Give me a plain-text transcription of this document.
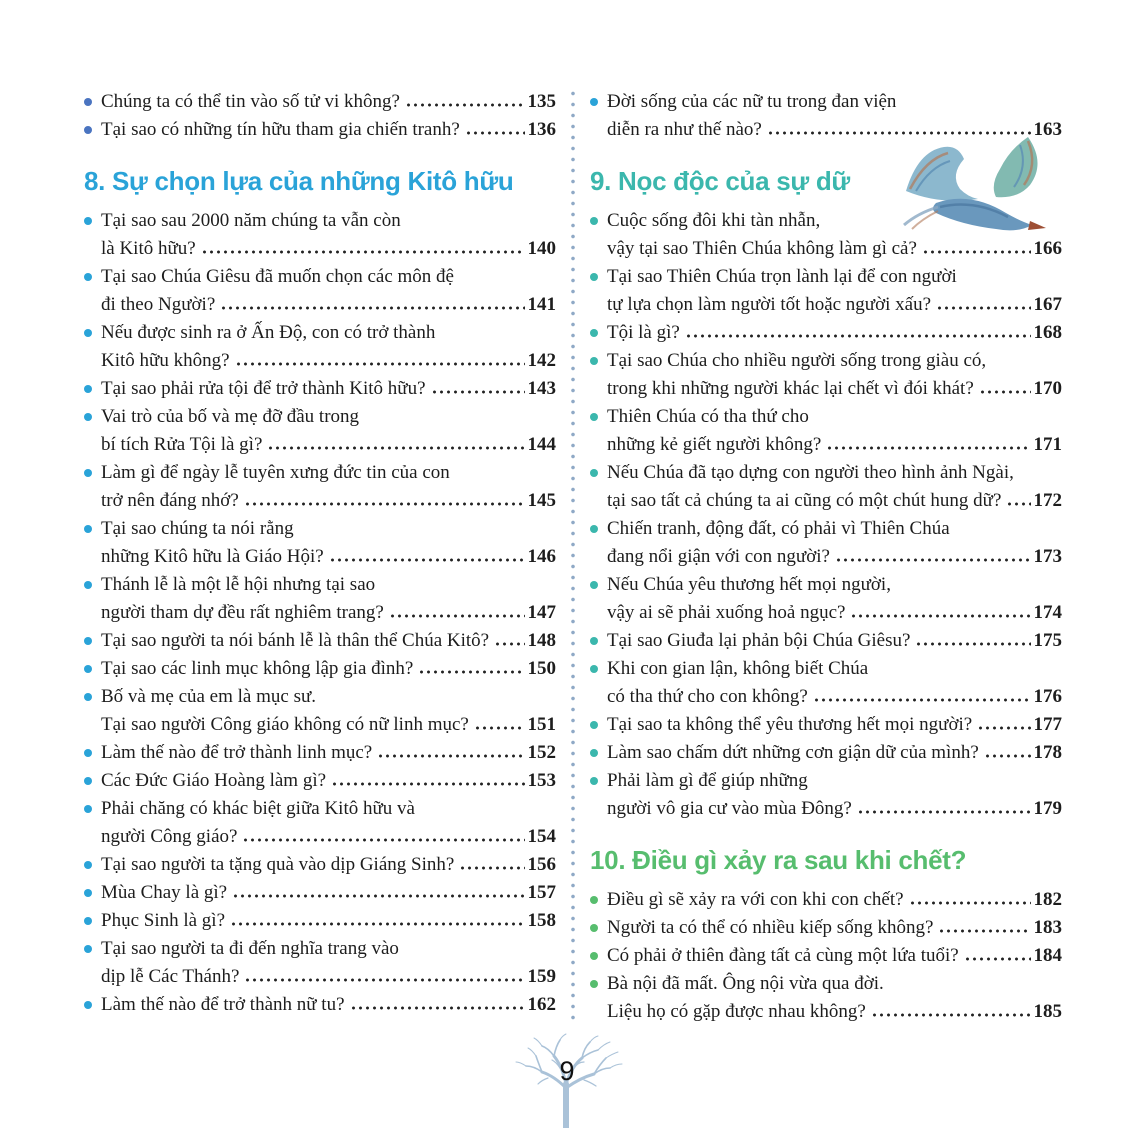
Chúng ta có thể tin vào số tử vi không?	135
Tại sao có những tín hữu tham gia chiến tranh?	136
8. Sự chọn lựa của những Kitô hữu
Tại sao sau 2000 năm chúng ta vẫn còn
là Kitô hữu?	140
Tại sao Chúa Giêsu đã muốn chọn các môn đệ
đi theo Người?	141
Nếu được sinh ra ở Ấn Độ, con có trở thành
Kitô hữu không?	142
Tại sao phải rửa tội để trở thành Kitô hữu?	143
Vai trò của bố và mẹ đỡ đầu trong
bí tích Rửa Tội là gì?	144
Làm gì để ngày lễ tuyên xưng đức tin của con
trở nên đáng nhớ?	145
Tại sao chúng ta nói rằng
những Kitô hữu là Giáo Hội?	146
Thánh lễ là một lễ hội nhưng tại sao
người tham dự đều rất nghiêm trang?	147
Tại sao người ta nói bánh lễ là thân thể Chúa Kitô? 148
Tại sao các linh mục không lập gia đình?	150
Bố và mẹ của em là mục sư.
Tại sao người Công giáo không có nữ linh mục?	151
Làm thế nào để trở thành linh mục?	152
Các Đức Giáo Hoàng làm gì?	153
Phải chăng có khác biệt giữa Kitô hữu và
người Công giáo?	154
Tại sao người ta tặng quà vào dịp Giáng Sinh?	156
Mùa Chay là gì?	157
Phục Sinh là gì?	158
Tại sao người ta đi đến nghĩa trang vào
dịp lễ Các Thánh?	159
Làm thế nào để trở thành nữ tu?	162
Đời sống của các nữ tu trong đan viện
diễn ra như thế nào?	163
9. Nọc độc của sự dữ
Cuộc sống đôi khi tàn nhẫn,
vậy tại sao Thiên Chúa không làm gì cả?	166
Tại sao Thiên Chúa trọn lành lại để con người
tự lựa chọn làm người tốt hoặc người xấu?	167
Tội là gì?	168
Tại sao Chúa cho nhiều người sống trong giàu có,
trong khi những người khác lại chết vì đói khát?	170
Thiên Chúa có tha thứ cho
những kẻ giết người không?	171
Nếu Chúa đã tạo dựng con người theo hình ảnh Ngài,
tại sao tất cả chúng ta ai cũng có một chút hung dữ? 172
Chiến tranh, động đất, có phải vì Thiên Chúa
đang nổi giận với con người?	173
Nếu Chúa yêu thương hết mọi người,
vậy ai sẽ phải xuống hoả ngục?	174
Tại sao Giuđa lại phản bội Chúa Giêsu?	175
Khi con gian lận, không biết Chúa
có tha thứ cho con không?	176
Tại sao ta không thể yêu thương hết mọi người?	177
Làm sao chấm dứt những cơn giận dữ của mình?	178
Phải làm gì để giúp những
người vô gia cư vào mùa Đông?	179
10. Điều gì xảy ra sau khi chết?
Điều gì sẽ xảy ra với con khi con chết?	182
Người ta có thể có nhiều kiếp sống không?	183
Có phải ở thiên đàng tất cả cùng một lứa tuổi?	184
Bà nội đã mất. Ông nội vừa qua đời.
Liệu họ có gặp được nhau không?	185
9
